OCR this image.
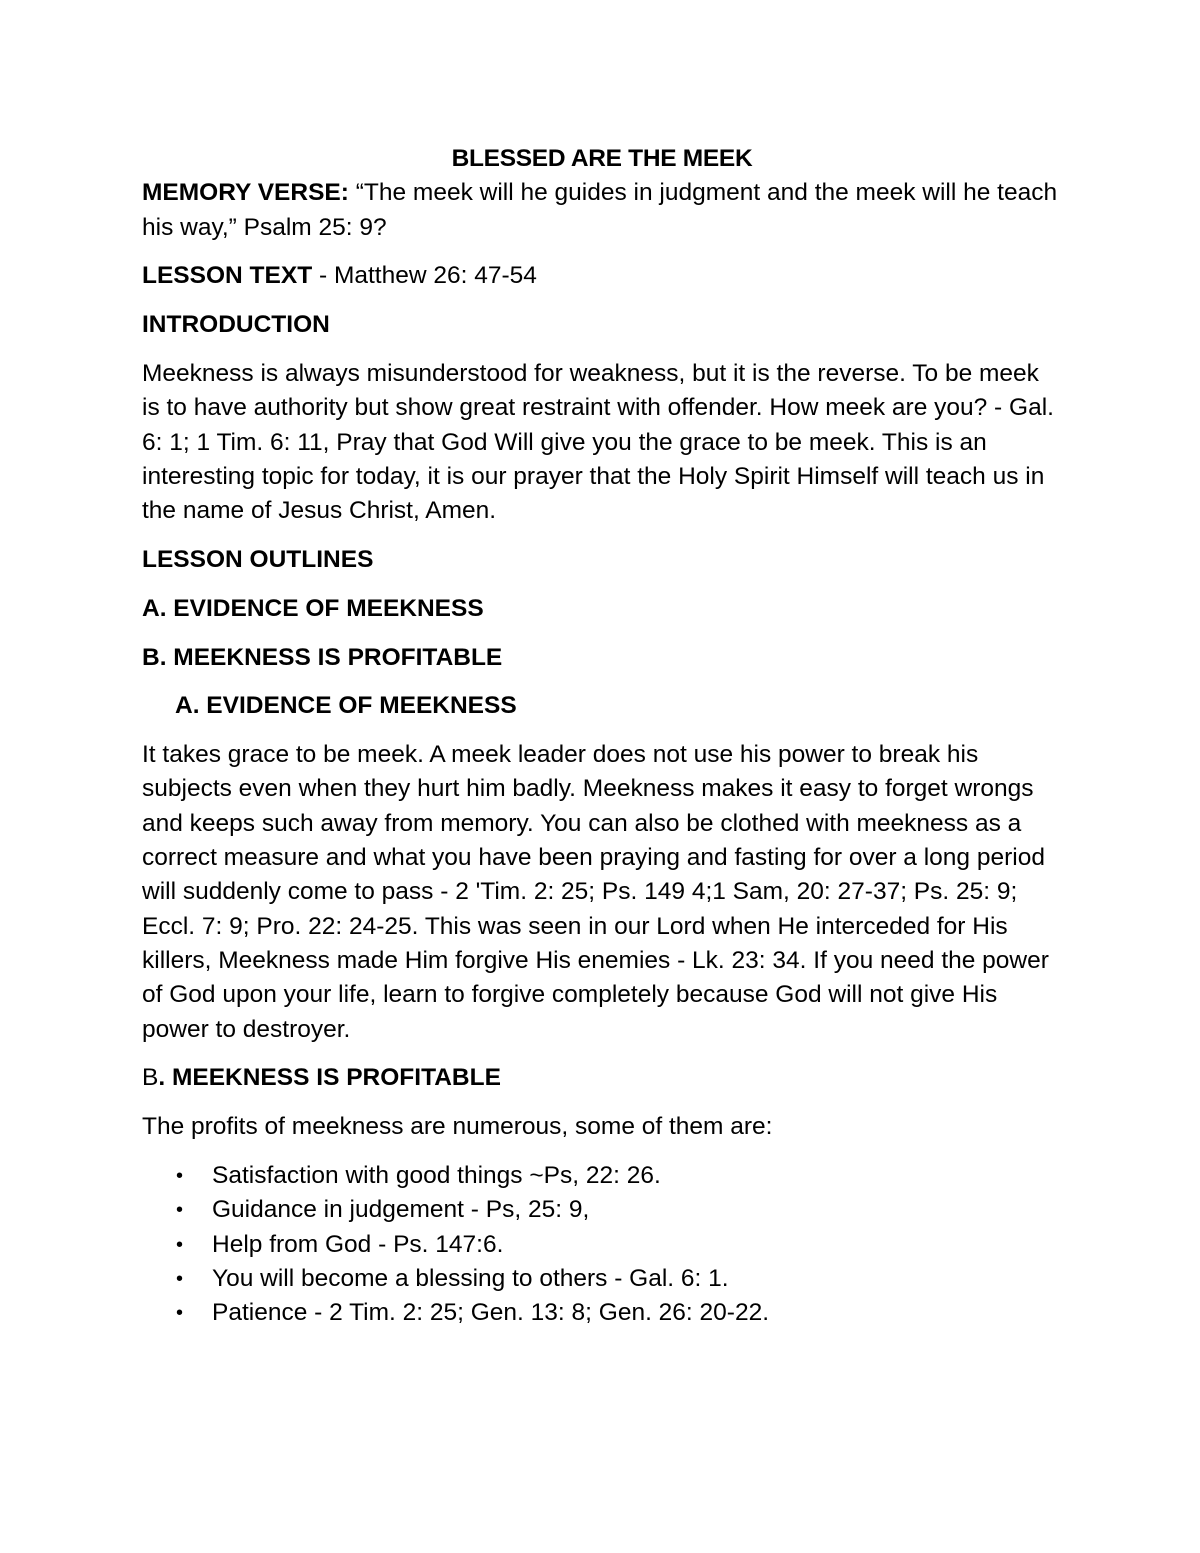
BLESSED ARE THE MEEK

MEMORY VERSE: “The meek will he guides in judgment and the meek will he teach his way,” Psalm 25: 9?

LESSON TEXT - Matthew 26: 47-54

INTRODUCTION

Meekness is always misunderstood for weakness, but it is the reverse. To be meek is to have authority but show great restraint with offender. How meek are you? - Gal. 6: 1; 1 Tim. 6: 11, Pray that God Will give you the grace to be meek. This is an interesting topic for today, it is our prayer that the Holy Spirit Himself will teach us in the name of Jesus Christ, Amen.

LESSON OUTLINES

A. EVIDENCE OF MEEKNESS

B. MEEKNESS IS PROFITABLE

A. EVIDENCE OF MEEKNESS

It takes grace to be meek. A meek leader does not use his power to break his subjects even when they hurt him badly. Meekness makes it easy to forget wrongs and keeps such away from memory. You can also be clothed with meekness as a correct measure and what you have been praying and fasting for over a long period will suddenly come to pass - 2 'Tim. 2: 25; Ps. 149 4;1 Sam, 20: 27-37; Ps. 25: 9; Eccl. 7: 9; Pro. 22: 24-25. This was seen in our Lord when He interceded for His killers, Meekness made Him forgive His enemies - Lk. 23: 34. If you need the power of God upon your life, learn to forgive completely because God will not give His power to destroyer.

B. MEEKNESS IS PROFITABLE

The profits of meekness are numerous, some of them are:

• Satisfaction with good things ~Ps, 22: 26.
• Guidance in judgement - Ps, 25: 9,
• Help from God - Ps. 147:6.
• You will become a blessing to others - Gal. 6: 1.
• Patience - 2 Tim. 2: 25; Gen. 13: 8; Gen. 26: 20-22.
